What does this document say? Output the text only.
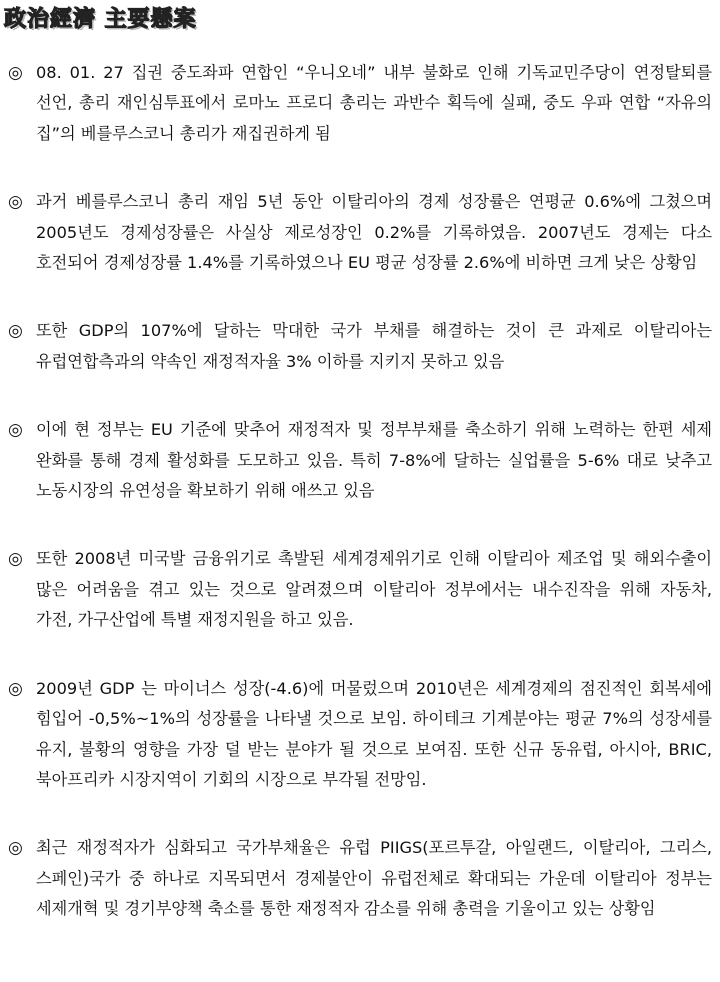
政治經濟 主要懸案
◎ 08. 01. 27 집권 중도좌파 연합인 “우니오네” 내부 불화로 인해 기독교민주당이 연정탈퇴를 선언, 총리 재인심투표에서 로마노 프로디 총리는 과반수 획득에 실패, 중도 우파 연합 “자유의 집”의 베를루스코니 총리가 재집권하게 됨
◎ 과거 베를루스코니 총리 재임 5년 동안 이탈리아의 경제 성장률은 연평균 0.6%에 그쳤으며 2005년도 경제성장률은 사실상 제로성장인 0.2%를 기록하였음. 2007년도 경제는 다소 호전되어 경제성장률 1.4%를 기록하였으나 EU 평균 성장률 2.6%에 비하면 크게 낮은 상황임
◎ 또한 GDP의 107%에 달하는 막대한 국가 부채를 해결하는 것이 큰 과제로 이탈리아는 유럽연합측과의 약속인 재정적자율 3% 이하를 지키지 못하고 있음
◎ 이에 현 정부는 EU 기준에 맞추어 재정적자 및 정부부채를 축소하기 위해 노력하는 한편 세제 완화를 통해 경제 활성화를 도모하고 있음. 특히 7-8%에 달하는 실업률을 5-6% 대로 낮추고 노동시장의 유연성을 확보하기 위해 애쓰고 있음
◎ 또한 2008년 미국발 금융위기로 촉발된 세계경제위기로 인해 이탈리아 제조업 및 해외수출이 많은 어려움을 겪고 있는 것으로 알려졌으며 이탈리아 정부에서는 내수진작을 위해 자동차, 가전, 가구산업에 특별 재정지원을 하고 있음.
◎ 2009년 GDP 는 마이너스 성장(-4.6)에 머물렀으며 2010년은 세계경제의 점진적인 회복세에 힘입어 -0,5%~1%의 성장률을 나타낼 것으로 보임. 하이테크 기계분야는 평균 7%의 성장세를 유지, 불황의 영향을 가장 덜 받는 분야가 될 것으로 보여짐. 또한 신규 동유럽, 아시아, BRIC, 북아프리카 시장지역이 기회의 시장으로 부각될 전망임.
◎ 최근 재정적자가 심화되고 국가부채율은 유럽 PIIGS(포르투갈, 아일랜드, 이탈리아, 그리스, 스페인)국가 중 하나로 지목되면서 경제불안이 유럽전체로 확대되는 가운데 이탈리아 정부는 세제개혁 및 경기부양책 축소를 통한 재정적자 감소를 위해 총력을 기울이고 있는 상황임
